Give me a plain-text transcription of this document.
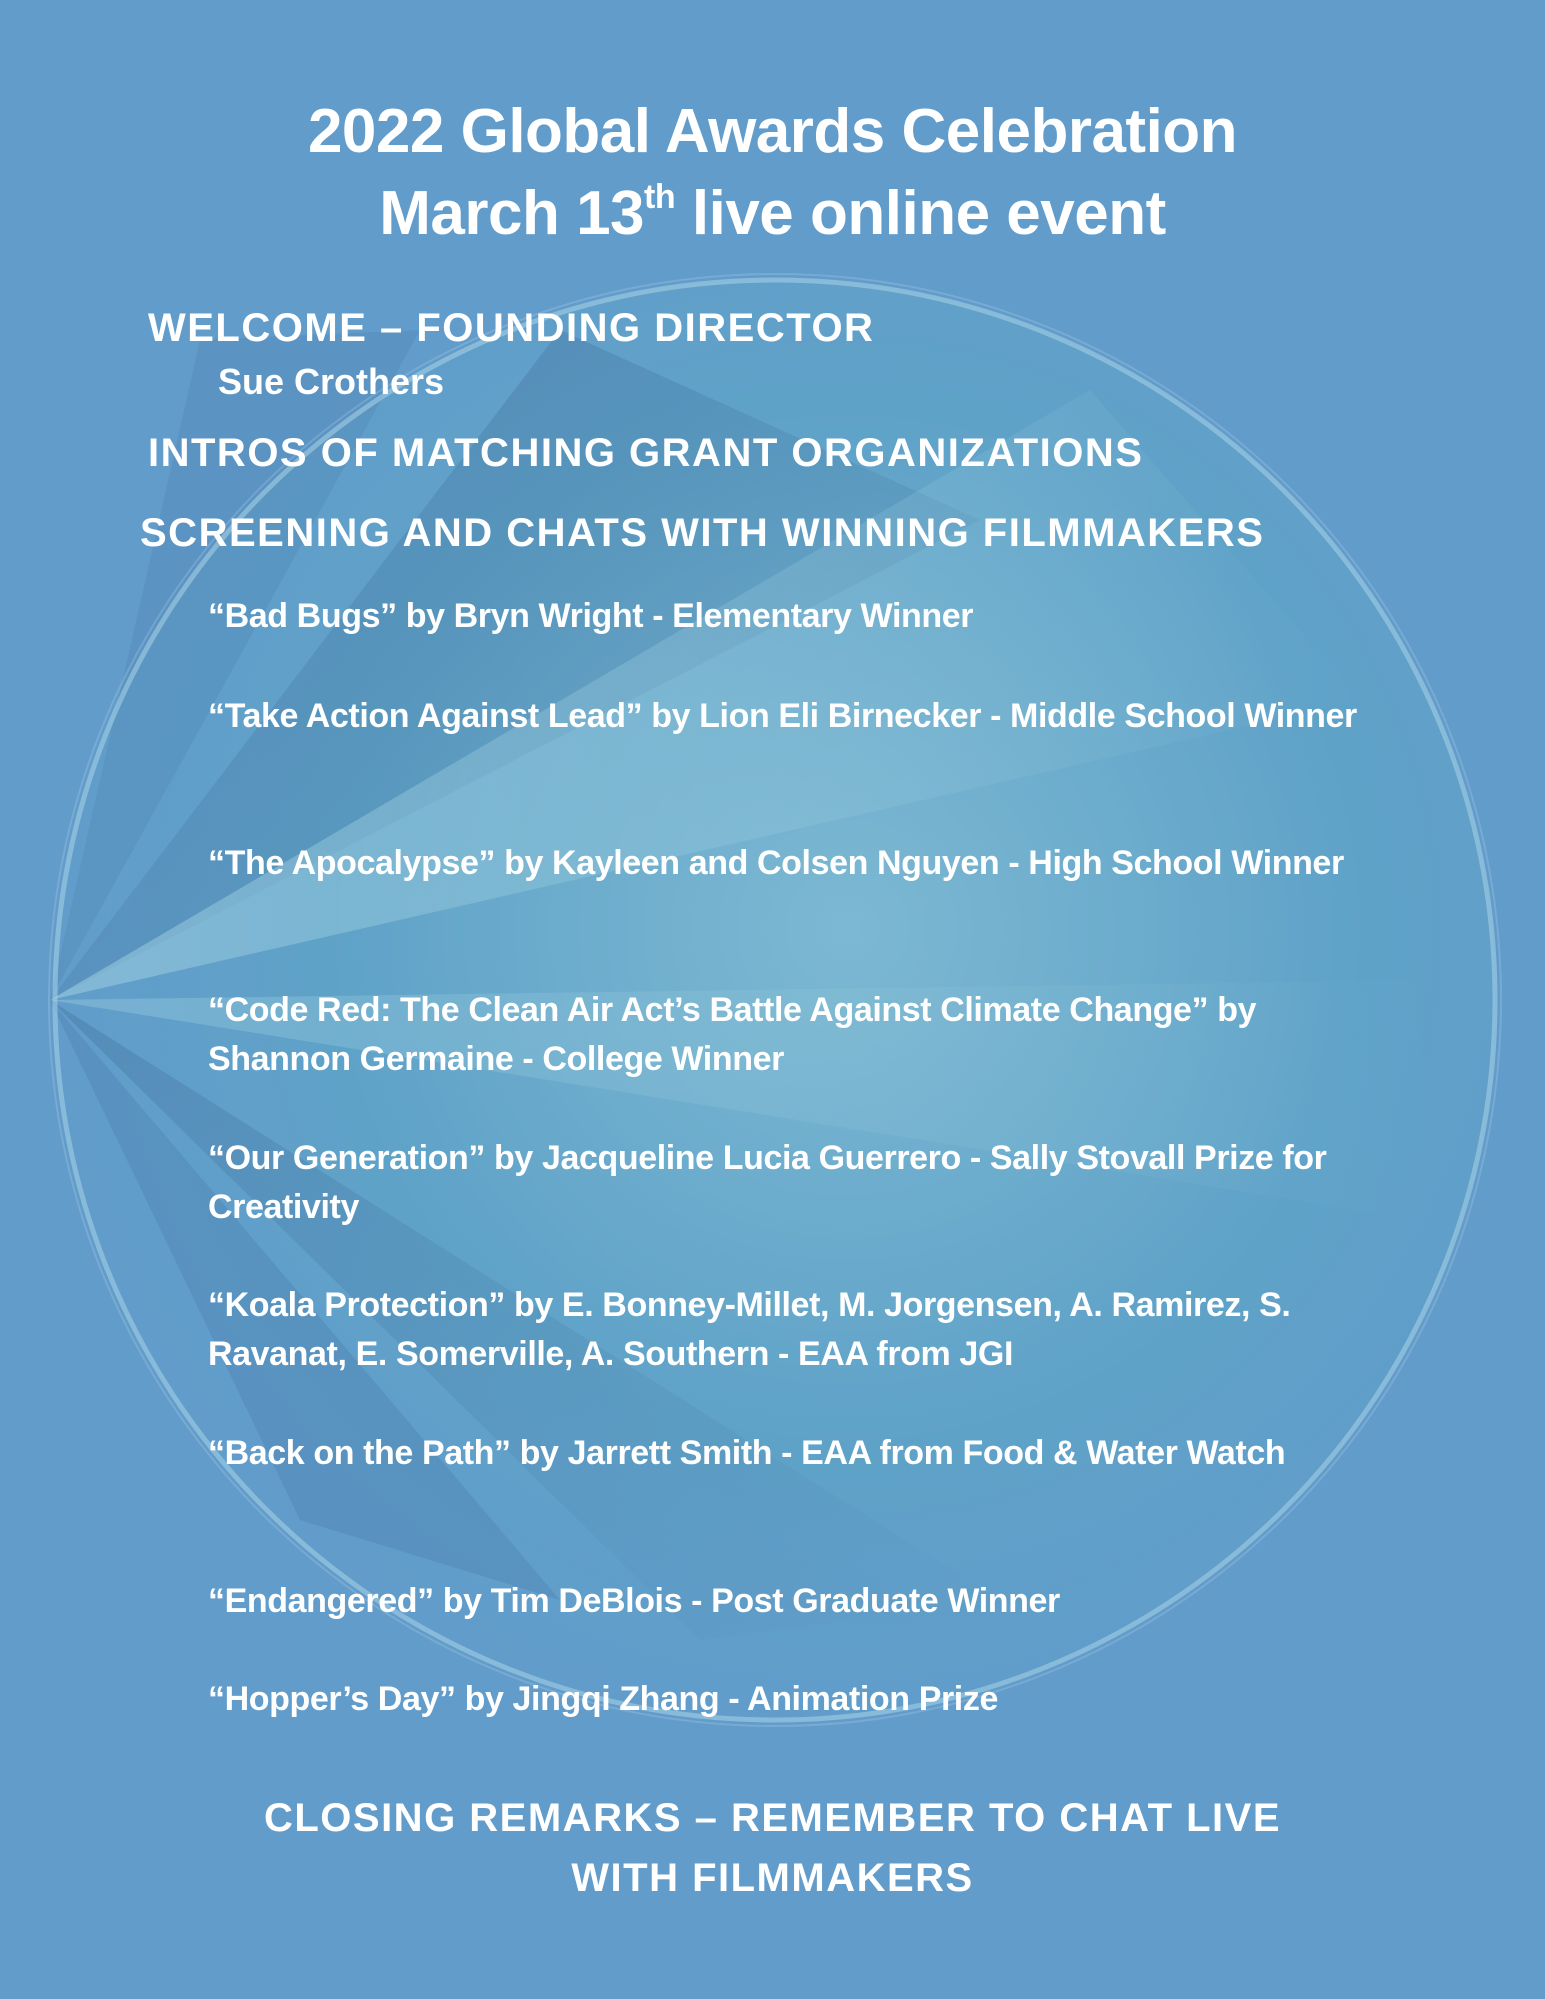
2022 Global Awards Celebration
March 13th live online event
WELCOME – FOUNDING DIRECTOR
Sue Crothers
INTROS OF MATCHING GRANT ORGANIZATIONS
SCREENING AND CHATS WITH WINNING FILMMAKERS
“Bad Bugs” by Bryn Wright - Elementary Winner
“Take Action Against Lead” by Lion Eli Birnecker - Middle School Winner
“The Apocalypse” by Kayleen and Colsen Nguyen - High School Winner
“Code Red: The Clean Air Act’s Battle Against Climate Change” by Shannon Germaine - College Winner
“Our Generation” by Jacqueline Lucia Guerrero - Sally Stovall Prize for Creativity
“Koala Protection” by E. Bonney-Millet, M. Jorgensen, A. Ramirez, S. Ravanat, E. Somerville, A. Southern - EAA from JGI
“Back on the Path” by Jarrett Smith - EAA from Food & Water Watch
“Endangered” by Tim DeBlois - Post Graduate Winner
“Hopper’s Day” by Jingqi Zhang - Animation Prize
CLOSING REMARKS – REMEMBER TO CHAT LIVE WITH FILMMAKERS
